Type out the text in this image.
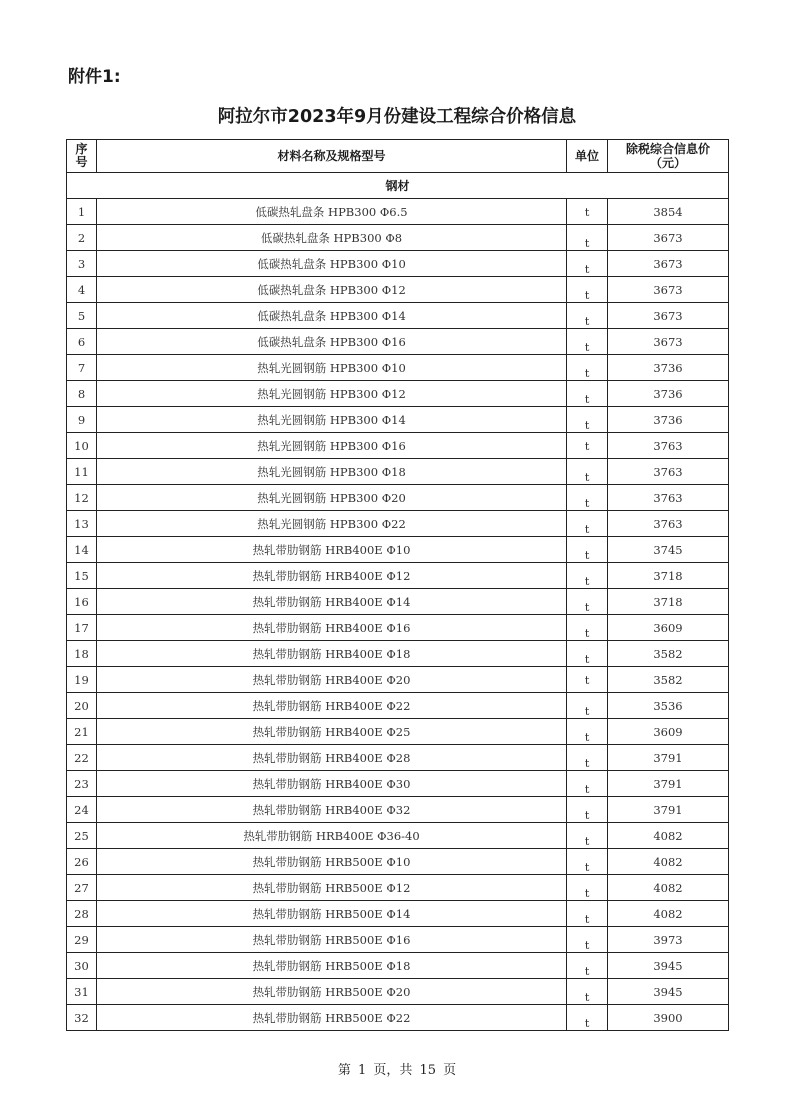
附件1:
阿拉尔市2023年9月份建设工程综合价格信息
序号	材料名称及规格型号	单位	除税综合信息价
（元）

钢材			
1	低碳热轧盘条 HPB300 Φ6.5	t	3854
2	低碳热轧盘条 HPB300 Φ8	t	3673
3	低碳热轧盘条 HPB300 Φ10	t	3673
4	低碳热轧盘条 HPB300 Φ12	t	3673
5	低碳热轧盘条 HPB300 Φ14	t	3673
6	低碳热轧盘条 HPB300 Φ16	t	3673
7	热轧光圆钢筋 HPB300 Φ10	t	3736
8	热轧光圆钢筋 HPB300 Φ12	t	3736
9	热轧光圆钢筋 HPB300 Φ14	t	3736
10	热轧光圆钢筋 HPB300 Φ16	t	3763
11	热轧光圆钢筋 HPB300 Φ18	t	3763
12	热轧光圆钢筋 HPB300 Φ20	t	3763
13	热轧光圆钢筋 HPB300 Φ22	t	3763
14	热轧带肋钢筋 HRB400E Φ10	t	3745
15	热轧带肋钢筋 HRB400E Φ12	t	3718
16	热轧带肋钢筋 HRB400E Φ14	t	3718
17	热轧带肋钢筋 HRB400E Φ16	t	3609
18	热轧带肋钢筋 HRB400E Φ18	t	3582
19	热轧带肋钢筋 HRB400E Φ20	t	3582
20	热轧带肋钢筋 HRB400E Φ22	t	3536
21	热轧带肋钢筋 HRB400E Φ25	t	3609
22	热轧带肋钢筋 HRB400E Φ28	t	3791
23	热轧带肋钢筋 HRB400E Φ30	t	3791
24	热轧带肋钢筋 HRB400E Φ32	t	3791
25	热轧带肋钢筋 HRB400E Φ36-40	t	4082
26	热轧带肋钢筋 HRB500E Φ10	t	4082
27	热轧带肋钢筋 HRB500E Φ12	t	4082
28	热轧带肋钢筋 HRB500E Φ14	t	4082
29	热轧带肋钢筋 HRB500E Φ16	t	3973
30	热轧带肋钢筋 HRB500E Φ18	t	3945
31	热轧带肋钢筋 HRB500E Φ20	t	3945
32	热轧带肋钢筋 HRB500E Φ22	t	3900
第 1 页，共 15 页
